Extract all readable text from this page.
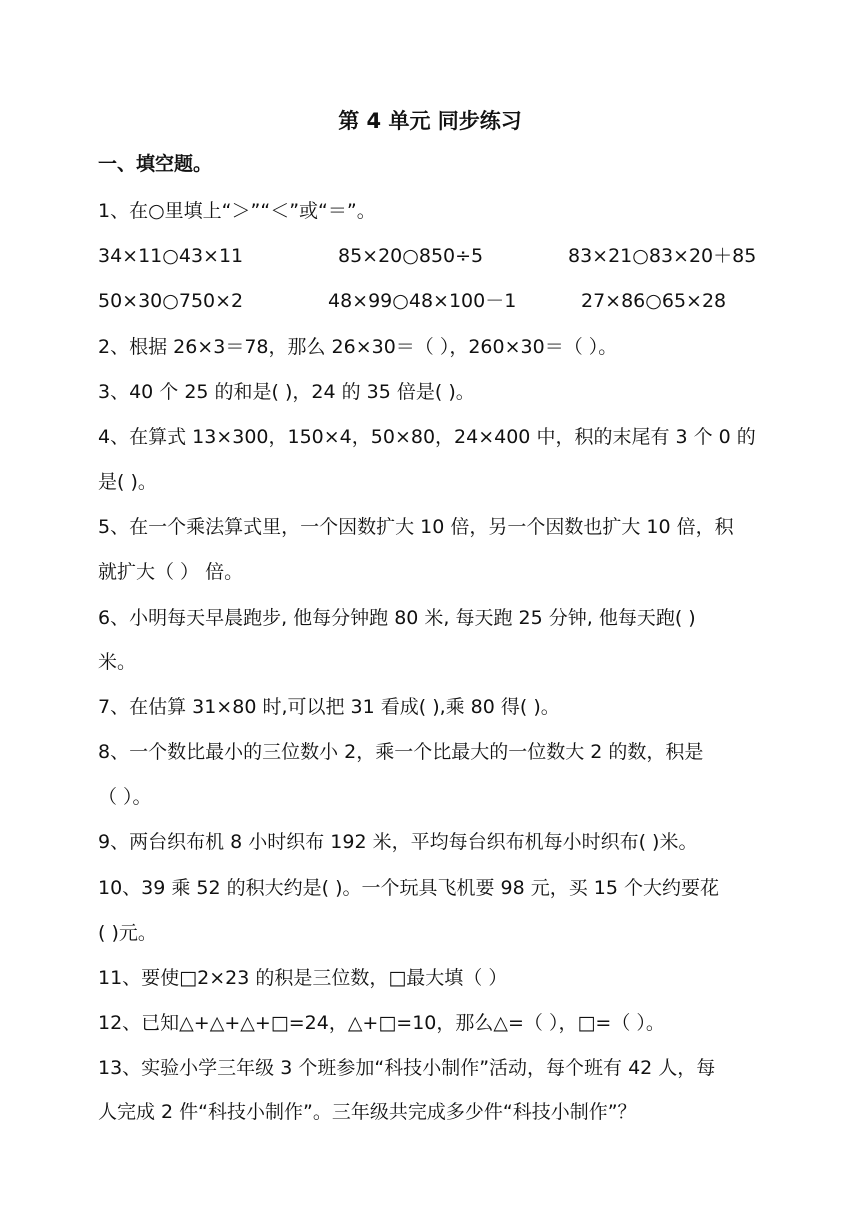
第 4 单元 同步练习
一、填空题。
1、在○里填上“＞”“＜”或“＝”。
34×11○43×11	85×20○850÷5	83×21○83×20＋85
50×30○750×2	48×99○48×100－1	27×86○65×28
2、根据 26×3＝78，那么 26×30＝（ ），260×30＝（ ）。
3、40 个 25 的和是( )，24 的 35 倍是( )。
4、在算式 13×300，150×4，50×80，24×400 中，积的末尾有 3 个 0 的
是( )。
5、在一个乘法算式里，一个因数扩大 10 倍，另一个因数也扩大 10 倍，积
就扩大（ ） 倍。
6、小明每天早晨跑步, 他每分钟跑 80 米, 每天跑 25 分钟, 他每天跑( )
米。
7、在估算 31×80 时,可以把 31 看成( ),乘 80 得( )。
8、一个数比最小的三位数小 2，乘一个比最大的一位数大 2 的数，积是
（ ）。
9、两台织布机 8 小时织布 192 米，平均每台织布机每小时织布( )米。
10、39 乘 52 的积大约是( )。一个玩具飞机要 98 元，买 15 个大约要花
( )元。
11、要使□2×23 的积是三位数，□最大填（ ）
12、已知△+△+△+□=24，△+□=10，那么△=（ ），□=（ ）。
13、实验小学三年级 3 个班参加“科技小制作”活动，每个班有 42 人，每
人完成 2 件“科技小制作”。三年级共完成多少件“科技小制作”？
